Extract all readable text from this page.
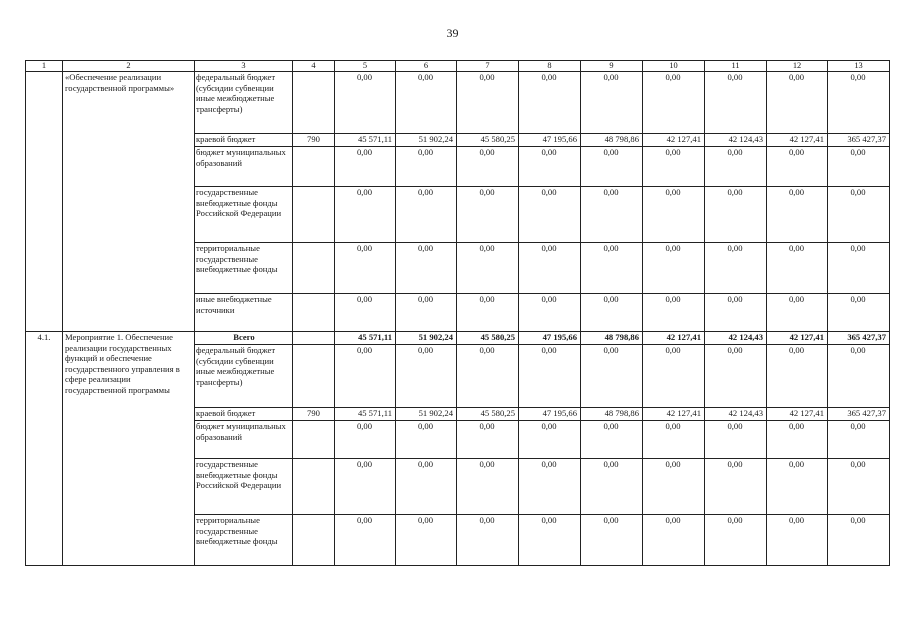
39
1	2	3	4	5	6	7	8	9	10	11	12	13
	«Обеспечение реализации государственной программы»	федеральный бюджет (субсидии субвенции иные межбюджетные трансферты)		0,00	0,00	0,00	0,00	0,00	0,00	0,00	0,00	0,00
		краевой бюджет	790	45 571,11	51 902,24	45 580,25	47 195,66	48 798,86	42 127,41	42 124,43	42 127,41	365 427,37
		бюджет муниципальных образований		0,00	0,00	0,00	0,00	0,00	0,00	0,00	0,00	0,00
		государственные внебюджетные фонды Российской Федерации		0,00	0,00	0,00	0,00	0,00	0,00	0,00	0,00	0,00
		территориальные государственные внебюджетные фонды		0,00	0,00	0,00	0,00	0,00	0,00	0,00	0,00	0,00
		иные внебюджетные источники		0,00	0,00	0,00	0,00	0,00	0,00	0,00	0,00	0,00
4.1.	Мероприятие 1. Обеспечение реализации государственных функций и обеспечение государственного управления в сфере реализации государственной программы	Всего		45 571,11	51 902,24	45 580,25	47 195,66	48 798,86	42 127,41	42 124,43	42 127,41	365 427,37
		федеральный бюджет (субсидии субвенции иные межбюджетные трансферты)		0,00	0,00	0,00	0,00	0,00	0,00	0,00	0,00	0,00
		краевой бюджет	790	45 571,11	51 902,24	45 580,25	47 195,66	48 798,86	42 127,41	42 124,43	42 127,41	365 427,37
		бюджет муниципальных образований		0,00	0,00	0,00	0,00	0,00	0,00	0,00	0,00	0,00
		государственные внебюджетные фонды Российской Федерации		0,00	0,00	0,00	0,00	0,00	0,00	0,00	0,00	0,00
		территориальные государственные внебюджетные фонды		0,00	0,00	0,00	0,00	0,00	0,00	0,00	0,00	0,00
